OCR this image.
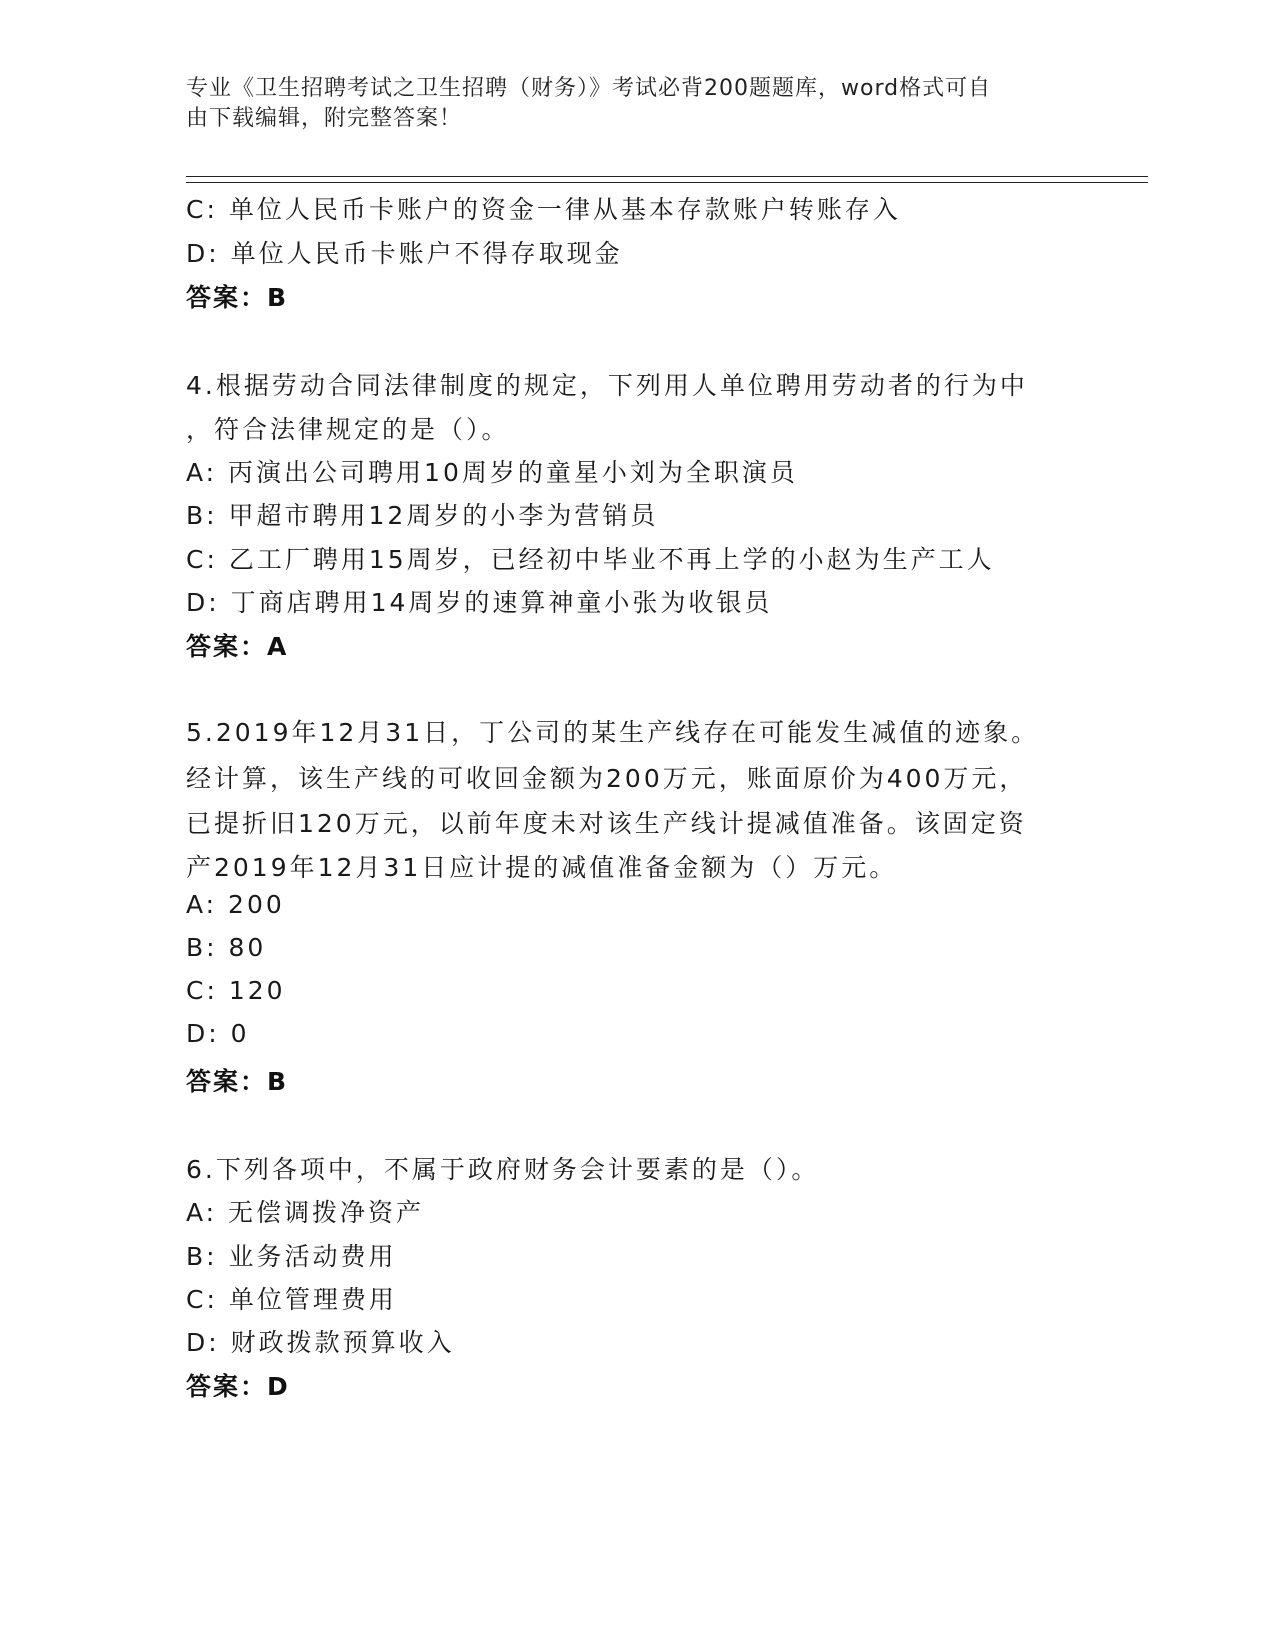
专业《卫生招聘考试之卫生招聘（财务）》考试必背200题题库，word格式可自
由下载编辑，附完整答案！
C: 单位人民币卡账户的资金一律从基本存款账户转账存入
D: 单位人民币卡账户不得存取现金
答案：B
4.根据劳动合同法律制度的规定，下列用人单位聘用劳动者的行为中
，符合法律规定的是（）。
A: 丙演出公司聘用10周岁的童星小刘为全职演员
B: 甲超市聘用12周岁的小李为营销员
C: 乙工厂聘用15周岁，已经初中毕业不再上学的小赵为生产工人
D: 丁商店聘用14周岁的速算神童小张为收银员
答案：A
5.2019年12月31日，丁公司的某生产线存在可能发生减值的迹象。
经计算，该生产线的可收回金额为200万元，账面原价为400万元，
已提折旧120万元，以前年度未对该生产线计提减值准备。该固定资
产2019年12月31日应计提的减值准备金额为（）万元。
A: 200
B: 80
C: 120
D: 0
答案：B
6.下列各项中，不属于政府财务会计要素的是（）。
A: 无偿调拨净资产
B: 业务活动费用
C: 单位管理费用
D: 财政拨款预算收入
答案：D
